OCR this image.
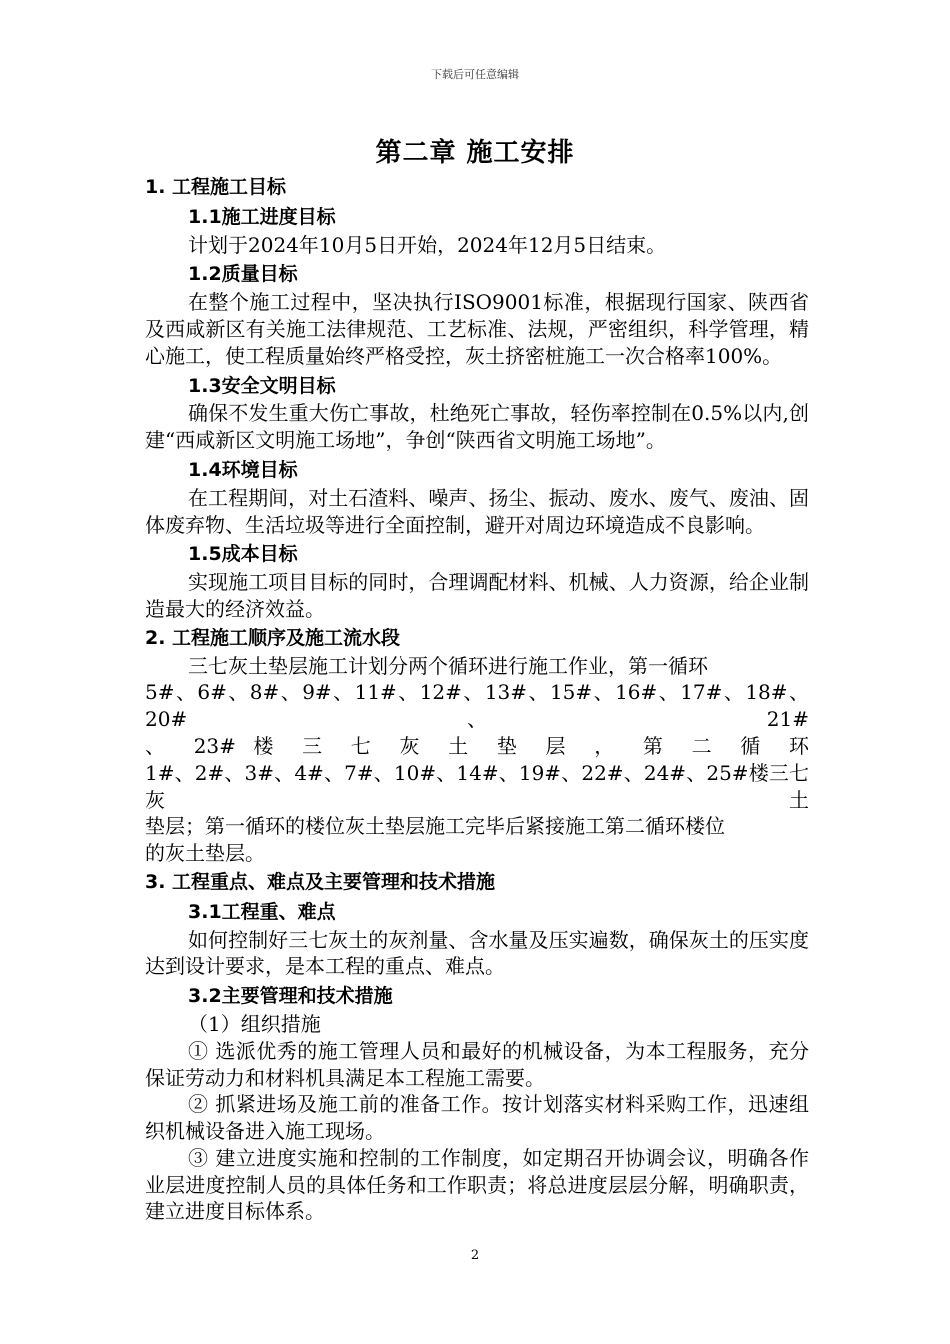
下载后可任意编辑
第二章 施工安排
1. 工程施工目标
1.1施工进度目标

计划于2024年10月5日开始，2024年12月5日结束。

1.2质量目标

在整个施工过程中，坚决执行ISO9001标准，根据现行国家、陕西省及西咸新区有关施工法律规范、工艺标准、法规，严密组织，科学管理，精心施工，使工程质量始终严格受控，灰土挤密桩施工一次合格率100%。

1.3安全文明目标

确保不发生重大伤亡事故，杜绝死亡事故，轻伤率控制在0.5%以内,创建“西咸新区文明施工场地”，争创“陕西省文明施工场地”。

1.4环境目标

在工程期间，对土石渣料、噪声、扬尘、振动、废水、废气、废油、固体废弃物、生活垃圾等进行全面控制，避开对周边环境造成不良影响。

1.5成本目标

实现施工项目目标的同时，合理调配材料、机械、人力资源，给企业制造最大的经济效益。

2. 工程施工顺序及施工流水段

三七灰土垫层施工计划分两个循环进行施工作业，第一循环

5#、6#、8#、9#、11#、12#、13#、15#、16#、17#、18#、20#、21#

、 23# 楼 三 七 灰 土 垫 层 ， 第 二 循 环

1#、2#、3#、4#、7#、10#、14#、19#、22#、24#、25#楼三七灰土

垫层；第一循环的楼位灰土垫层施工完毕后紧接施工第二循环楼位

的灰土垫层。

3. 工程重点、难点及主要管理和技术措施
3.1工程重、难点

如何控制好三七灰土的灰剂量、含水量及压实遍数，确保灰土的压实度达到设计要求，是本工程的重点、难点。

3.2主要管理和技术措施

（1）组织措施

① 选派优秀的施工管理人员和最好的机械设备，为本工程服务，充分保证劳动力和材料机具满足本工程施工需要。

② 抓紧进场及施工前的准备工作。按计划落实材料采购工作，迅速组织机械设备进入施工现场。

③ 建立进度实施和控制的工作制度，如定期召开协调会议，明确各作业层进度控制人员的具体任务和工作职责；将总进度层层分解，明确职责，建立进度目标体系。

2
